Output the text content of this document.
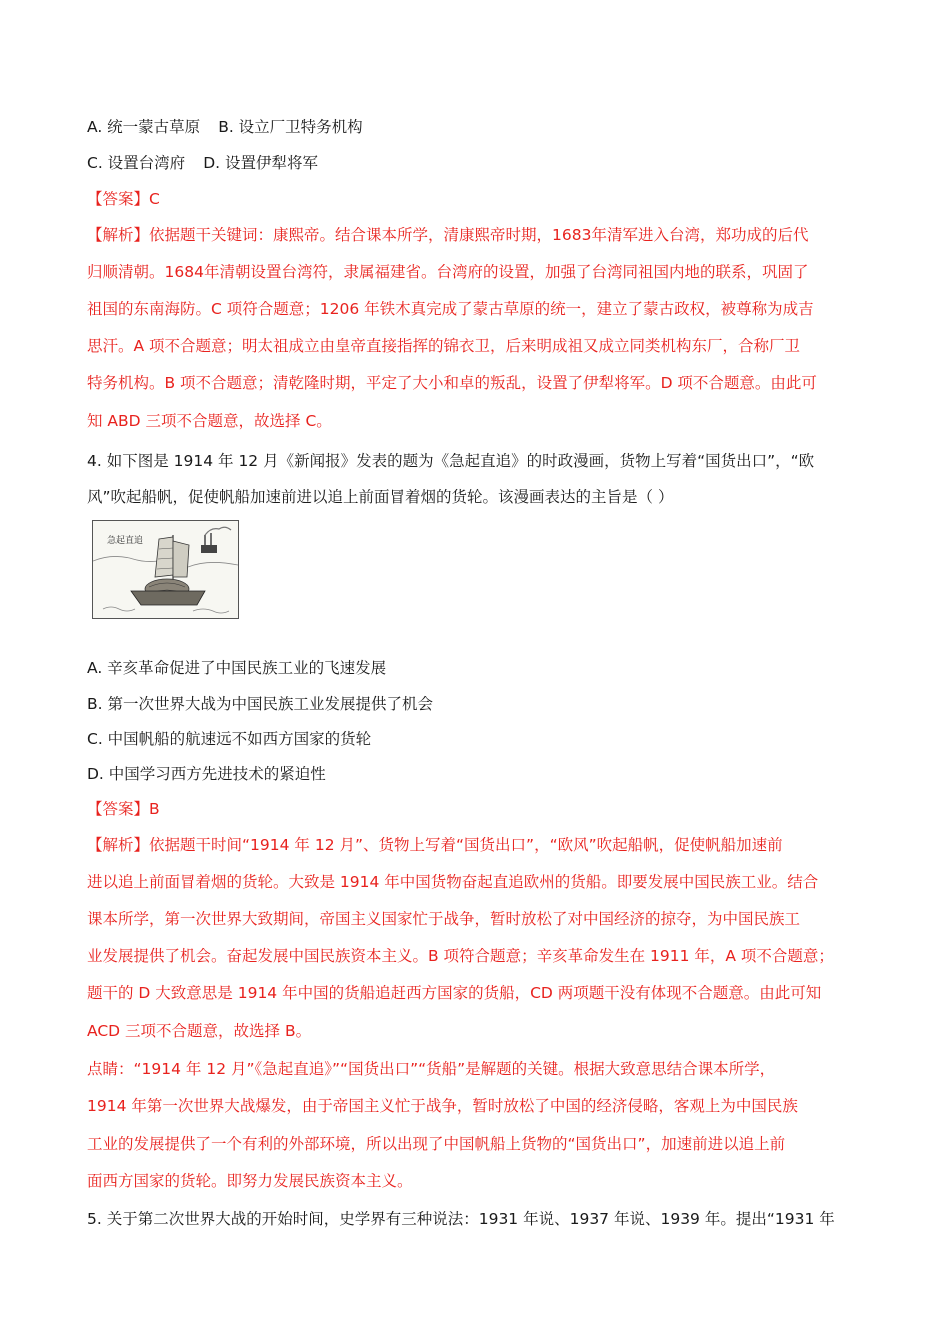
A. 统一蒙古草原 B. 设立厂卫特务机构
C. 设置台湾府 D. 设置伊犁将军
【答案】C
【解析】依据题干关键词：康熙帝。结合课本所学，清康熙帝时期，1683年清军进入台湾，郑功成的后代
归顺清朝。1684年清朝设置台湾符，隶属福建省。台湾府的设置，加强了台湾同祖国内地的联系，巩固了
祖国的东南海防。C 项符合题意；1206 年铁木真完成了蒙古草原的统一，建立了蒙古政权，被尊称为成吉
思汗。A 项不合题意；明太祖成立由皇帝直接指挥的锦衣卫，后来明成祖又成立同类机构东厂，合称厂卫
特务机构。B 项不合题意；清乾隆时期，平定了大小和卓的叛乱，设置了伊犁将军。D 项不合题意。由此可
知 ABD 三项不合题意，故选择 C。
4. 如下图是 1914 年 12 月《新闻报》发表的题为《急起直追》的时政漫画，货物上写着“国货出口”，“欧
风”吹起船帆，促使帆船加速前进以追上前面冒着烟的货轮。该漫画表达的主旨是（ ）
急起直追
A. 辛亥革命促进了中国民族工业的飞速发展
B. 第一次世界大战为中国民族工业发展提供了机会
C. 中国帆船的航速远不如西方国家的货轮
D. 中国学习西方先进技术的紧迫性
【答案】B
【解析】依据题干时间“1914 年 12 月”、货物上写着“国货出口”，“欧风”吹起船帆，促使帆船加速前
进以追上前面冒着烟的货轮。大致是 1914 年中国货物奋起直追欧州的货船。即要发展中国民族工业。结合
课本所学，第一次世界大致期间，帝国主义国家忙于战争，暂时放松了对中国经济的掠夺，为中国民族工
业发展提供了机会。奋起发展中国民族资本主义。B 项符合题意；辛亥革命发生在 1911 年，A 项不合题意；
题干的 D 大致意思是 1914 年中国的货船追赶西方国家的货船，CD 两项题干没有体现不合题意。由此可知
ACD 三项不合题意，故选择 B。
点睛：“1914 年 12 月”《急起直追》”“国货出口”“货船”是解题的关键。根据大致意思结合课本所学，
1914 年第一次世界大战爆发，由于帝国主义忙于战争，暂时放松了中国的经济侵略，客观上为中国民族
工业的发展提供了一个有利的外部环境，所以出现了中国帆船上货物的“国货出口”，加速前进以追上前
面西方国家的货轮。即努力发展民族资本主义。
5. 关于第二次世界大战的开始时间，史学界有三种说法：1931 年说、1937 年说、1939 年。提出“1931 年
